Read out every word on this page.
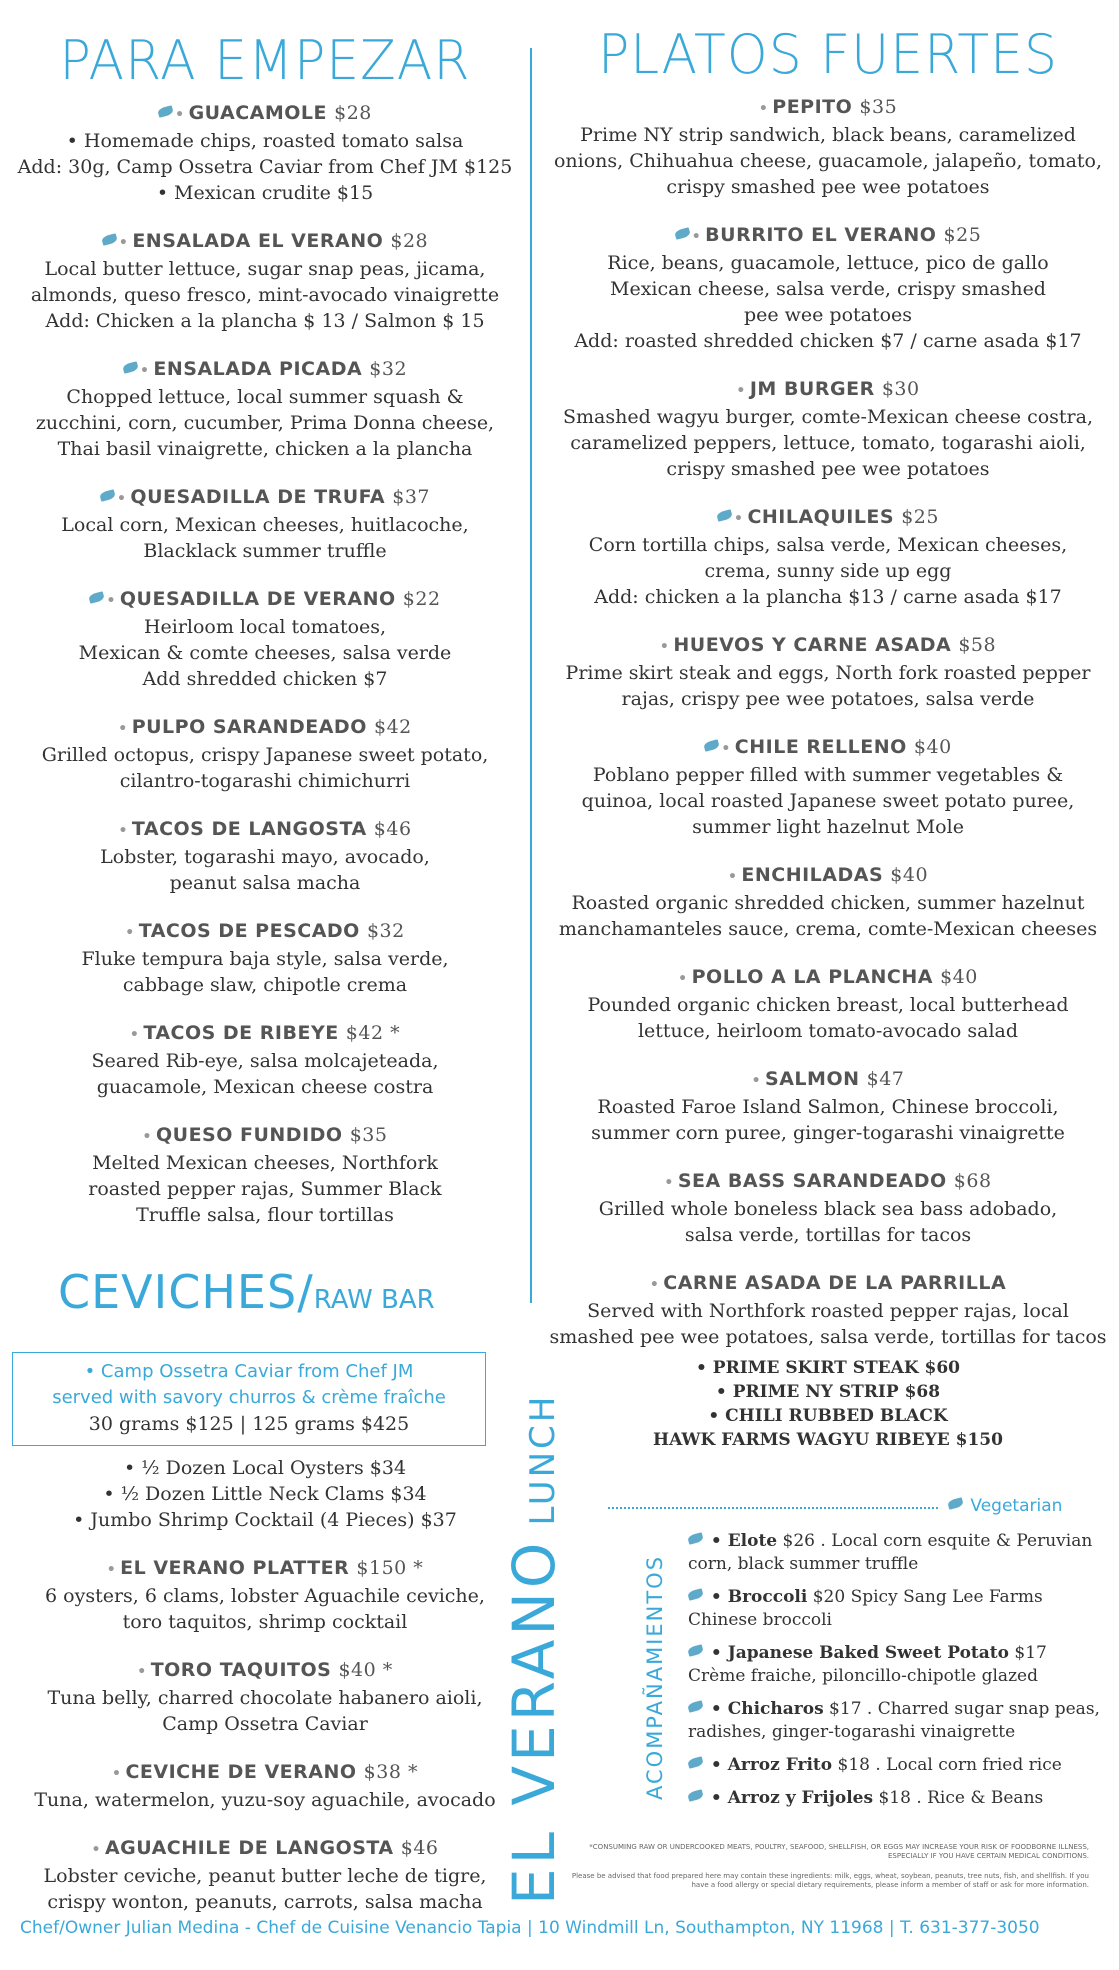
PARA EMPEZAR
• GUACAMOLE $28
• Homemade chips, roasted tomato salsa
Add: 30g, Camp Ossetra Caviar from Chef JM $125
• Mexican crudite $15
• ENSALADA EL VERANO $28
Local butter lettuce, sugar snap peas, jicama,
almonds, queso fresco, mint-avocado vinaigrette
Add: Chicken a la plancha $ 13 / Salmon $ 15
• ENSALADA PICADA $32
Chopped lettuce, local summer squash &
zucchini, corn, cucumber, Prima Donna cheese,
Thai basil vinaigrette, chicken a la plancha
• QUESADILLA DE TRUFA $37
Local corn, Mexican cheeses, huitlacoche,
Blacklack summer truffle
• QUESADILLA DE VERANO $22
Heirloom local tomatoes,
Mexican & comte cheeses, salsa verde
Add shredded chicken $7
• PULPO SARANDEADO $42
Grilled octopus, crispy Japanese sweet potato,
cilantro-togarashi chimichurri
• TACOS DE LANGOSTA $46
Lobster, togarashi mayo, avocado,
peanut salsa macha
• TACOS DE PESCADO $32
Fluke tempura baja style, salsa verde,
cabbage slaw, chipotle crema
• TACOS DE RIBEYE $42 *
Seared Rib-eye, salsa molcajeteada,
guacamole, Mexican cheese costra
• QUESO FUNDIDO $35
Melted Mexican cheeses, Northfork
roasted pepper rajas, Summer Black
Truffle salsa, flour tortillas
PLATOS FUERTES
• PEPITO $35
Prime NY strip sandwich, black beans, caramelized
onions, Chihuahua cheese, guacamole, jalapeño, tomato,
crispy smashed pee wee potatoes
• BURRITO EL VERANO $25
Rice, beans, guacamole, lettuce, pico de gallo
Mexican cheese, salsa verde, crispy smashed
pee wee potatoes
Add: roasted shredded chicken $7 / carne asada $17
• JM BURGER $30
Smashed wagyu burger, comte-Mexican cheese costra,
caramelized peppers, lettuce, tomato, togarashi aioli,
crispy smashed pee wee potatoes
• CHILAQUILES $25
Corn tortilla chips, salsa verde, Mexican cheeses,
crema, sunny side up egg
Add: chicken a la plancha $13 / carne asada $17
• HUEVOS Y CARNE ASADA $58
Prime skirt steak and eggs, North fork roasted pepper
rajas, crispy pee wee potatoes, salsa verde
• CHILE RELLENO $40
Poblano pepper filled with summer vegetables &
quinoa, local roasted Japanese sweet potato puree,
summer light hazelnut Mole
• ENCHILADAS $40
Roasted organic shredded chicken, summer hazelnut
manchamanteles sauce, crema, comte-Mexican cheeses
• POLLO A LA PLANCHA $40
Pounded organic chicken breast, local butterhead
lettuce, heirloom tomato-avocado salad
• SALMON $47
Roasted Faroe Island Salmon, Chinese broccoli,
summer corn puree, ginger-togarashi vinaigrette
• SEA BASS SARANDEADO $68
Grilled whole boneless black sea bass adobado,
salsa verde, tortillas for tacos
• CARNE ASADA DE LA PARRILLA
Served with Northfork roasted pepper rajas, local
smashed pee wee potatoes, salsa verde, tortillas for tacos
• PRIME SKIRT STEAK $60
• PRIME NY STRIP $68
• CHILI RUBBED BLACK
HAWK FARMS WAGYU RIBEYE $150
CEVICHES/RAW BAR
• Camp Ossetra Caviar from Chef JM
served with savory churros & crème fraîche
30 grams $125 | 125 grams $425
• ½ Dozen Local Oysters $34
• ½ Dozen Little Neck Clams $34
• Jumbo Shrimp Cocktail (4 Pieces) $37
• EL VERANO PLATTER $150 *
6 oysters, 6 clams, lobster Aguachile ceviche,
toro taquitos, shrimp cocktail
• TORO TAQUITOS $40 *
Tuna belly, charred chocolate habanero aioli,
Camp Ossetra Caviar
• CEVICHE DE VERANO $38 *
Tuna, watermelon, yuzu-soy aguachile, avocado
• AGUACHILE DE LANGOSTA $46
Lobster ceviche, peanut butter leche de tigre,
crispy wonton, peanuts, carrots, salsa macha EL VERANO LUNCH	Vegetarian
ACOMPAÑAMIENTOS
• Elote $26 . Local corn esquite & Peruvian corn, black summer truffle
• Broccoli $20 Spicy Sang Lee Farms Chinese broccoli
• Japanese Baked Sweet Potato $17 Crème fraiche, piloncillo-chipotle glazed
• Chicharos $17 . Charred sugar snap peas, radishes, ginger-togarashi vinaigrette
• Arroz Frito $18 . Local corn fried rice
• Arroz y Frijoles $18 . Rice & Beans
*CONSUMING RAW OR UNDERCOOKED MEATS, POULTRY, SEAFOOD, SHELLFISH, OR EGGS MAY INCREASE YOUR RISK OF FOODBORNE ILLNESS, ESPECIALLY IF YOU HAVE CERTAIN MEDICAL CONDITIONS.
Please be advised that food prepared here may contain these ingredients: milk, eggs, wheat, soybean, peanuts, tree nuts, fish, and shellfish. If you have a food allergy or special dietary requirements, please inform a member of staff or ask for more information.
Chef/Owner Julian Medina - Chef de Cuisine Venancio Tapia | 10 Windmill Ln, Southampton, NY 11968 | T. 631-377-3050
